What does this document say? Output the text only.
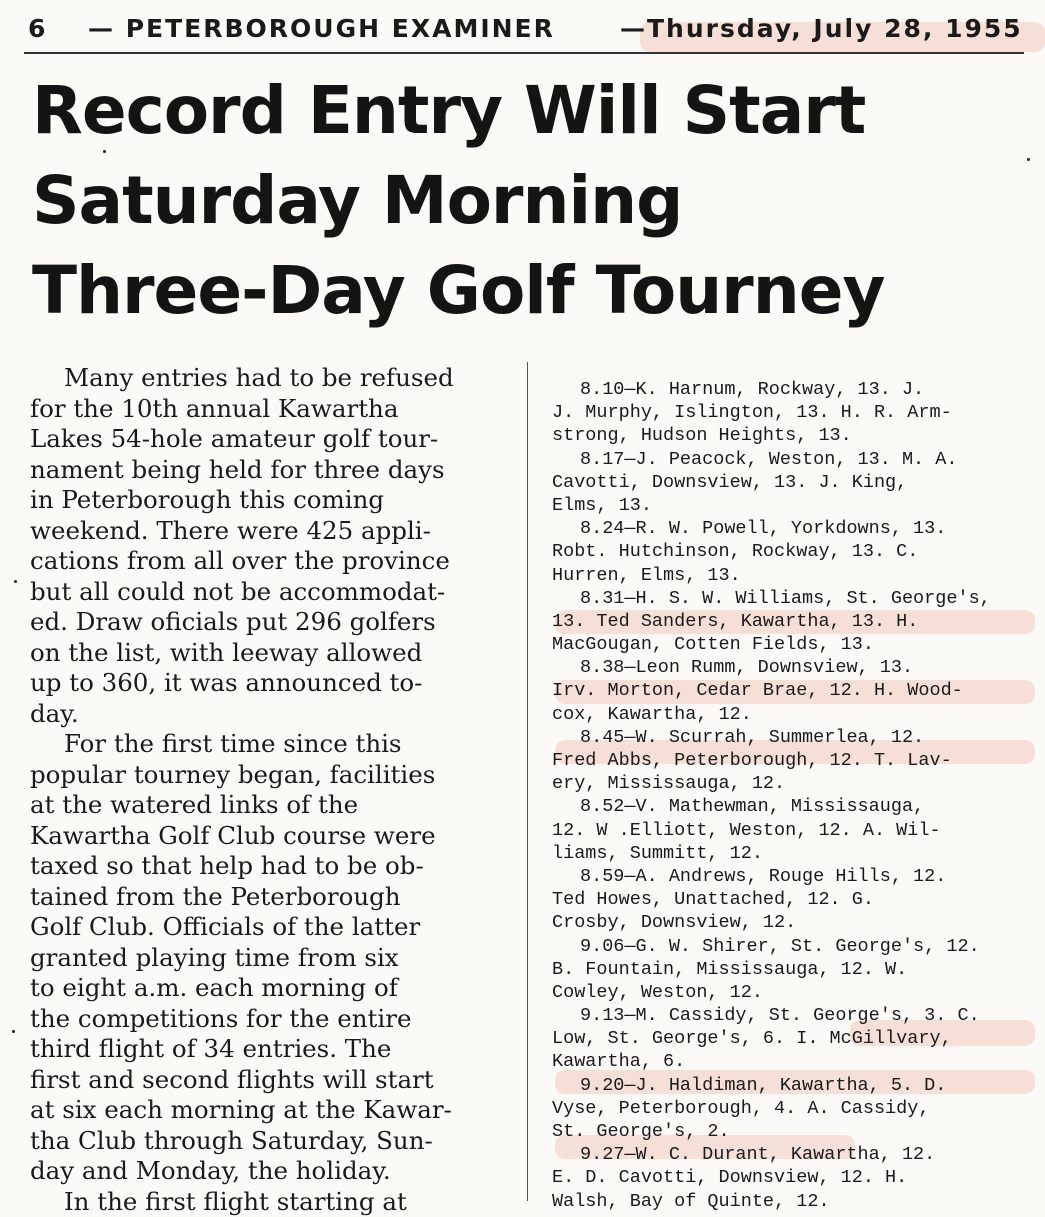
6 — PETERBOROUGH EXAMINER	—Thursday, July 28, 1955
Record Entry Will Start
Saturday Morning
Three-Day Golf Tourney
Many entries had to be refused
for the 10th annual Kawartha
Lakes 54-hole amateur golf tour-
nament being held for three days
in Peterborough this coming
weekend. There were 425 appli-
cations from all over the province
but all could not be accommodat-
ed. Draw oficials put 296 golfers
on the list, with leeway allowed
up to 360, it was announced to-
day.
For the first time since this
popular tourney began, facilities
at the watered links of the
Kawartha Golf Club course were
taxed so that help had to be ob-
tained from the Peterborough
Golf Club. Officials of the latter
granted playing time from six
to eight a.m. each morning of
the competitions for the entire
third flight of 34 entries. The
first and second flights will start
at six each morning at the Kawar-
tha Club through Saturday, Sun-
day and Monday, the holiday.
In the first flight starting at
8.10—K. Harnum, Rockway, 13. J.
J. Murphy, Islington, 13. H. R. Arm-
strong, Hudson Heights, 13.
8.17—J. Peacock, Weston, 13. M. A.
Cavotti, Downsview, 13. J. King,
Elms, 13.
8.24—R. W. Powell, Yorkdowns, 13.
Robt. Hutchinson, Rockway, 13. C.
Hurren, Elms, 13.
8.31—H. S. W. Williams, St. George's,
13. Ted Sanders, Kawartha, 13. H.
MacGougan, Cotten Fields, 13.
8.38—Leon Rumm, Downsview, 13.
Irv. Morton, Cedar Brae, 12. H. Wood-
cox, Kawartha, 12.
8.45—W. Scurrah, Summerlea, 12.
Fred Abbs, Peterborough, 12. T. Lav-
ery, Mississauga, 12.
8.52—V. Mathewman, Mississauga,
12. W .Elliott, Weston, 12. A. Wil-
liams, Summitt, 12.
8.59—A. Andrews, Rouge Hills, 12.
Ted Howes, Unattached, 12. G.
Crosby, Downsview, 12.
9.06—G. W. Shirer, St. George's, 12.
B. Fountain, Mississauga, 12. W.
Cowley, Weston, 12.
9.13—M. Cassidy, St. George's, 3. C.
Low, St. George's, 6. I. McGillvary,
Kawartha, 6.
9.20—J. Haldiman, Kawartha, 5. D.
Vyse, Peterborough, 4. A. Cassidy,
St. George's, 2.
9.27—W. C. Durant, Kawartha, 12.
E. D. Cavotti, Downsview, 12. H.
Walsh, Bay of Quinte, 12.
